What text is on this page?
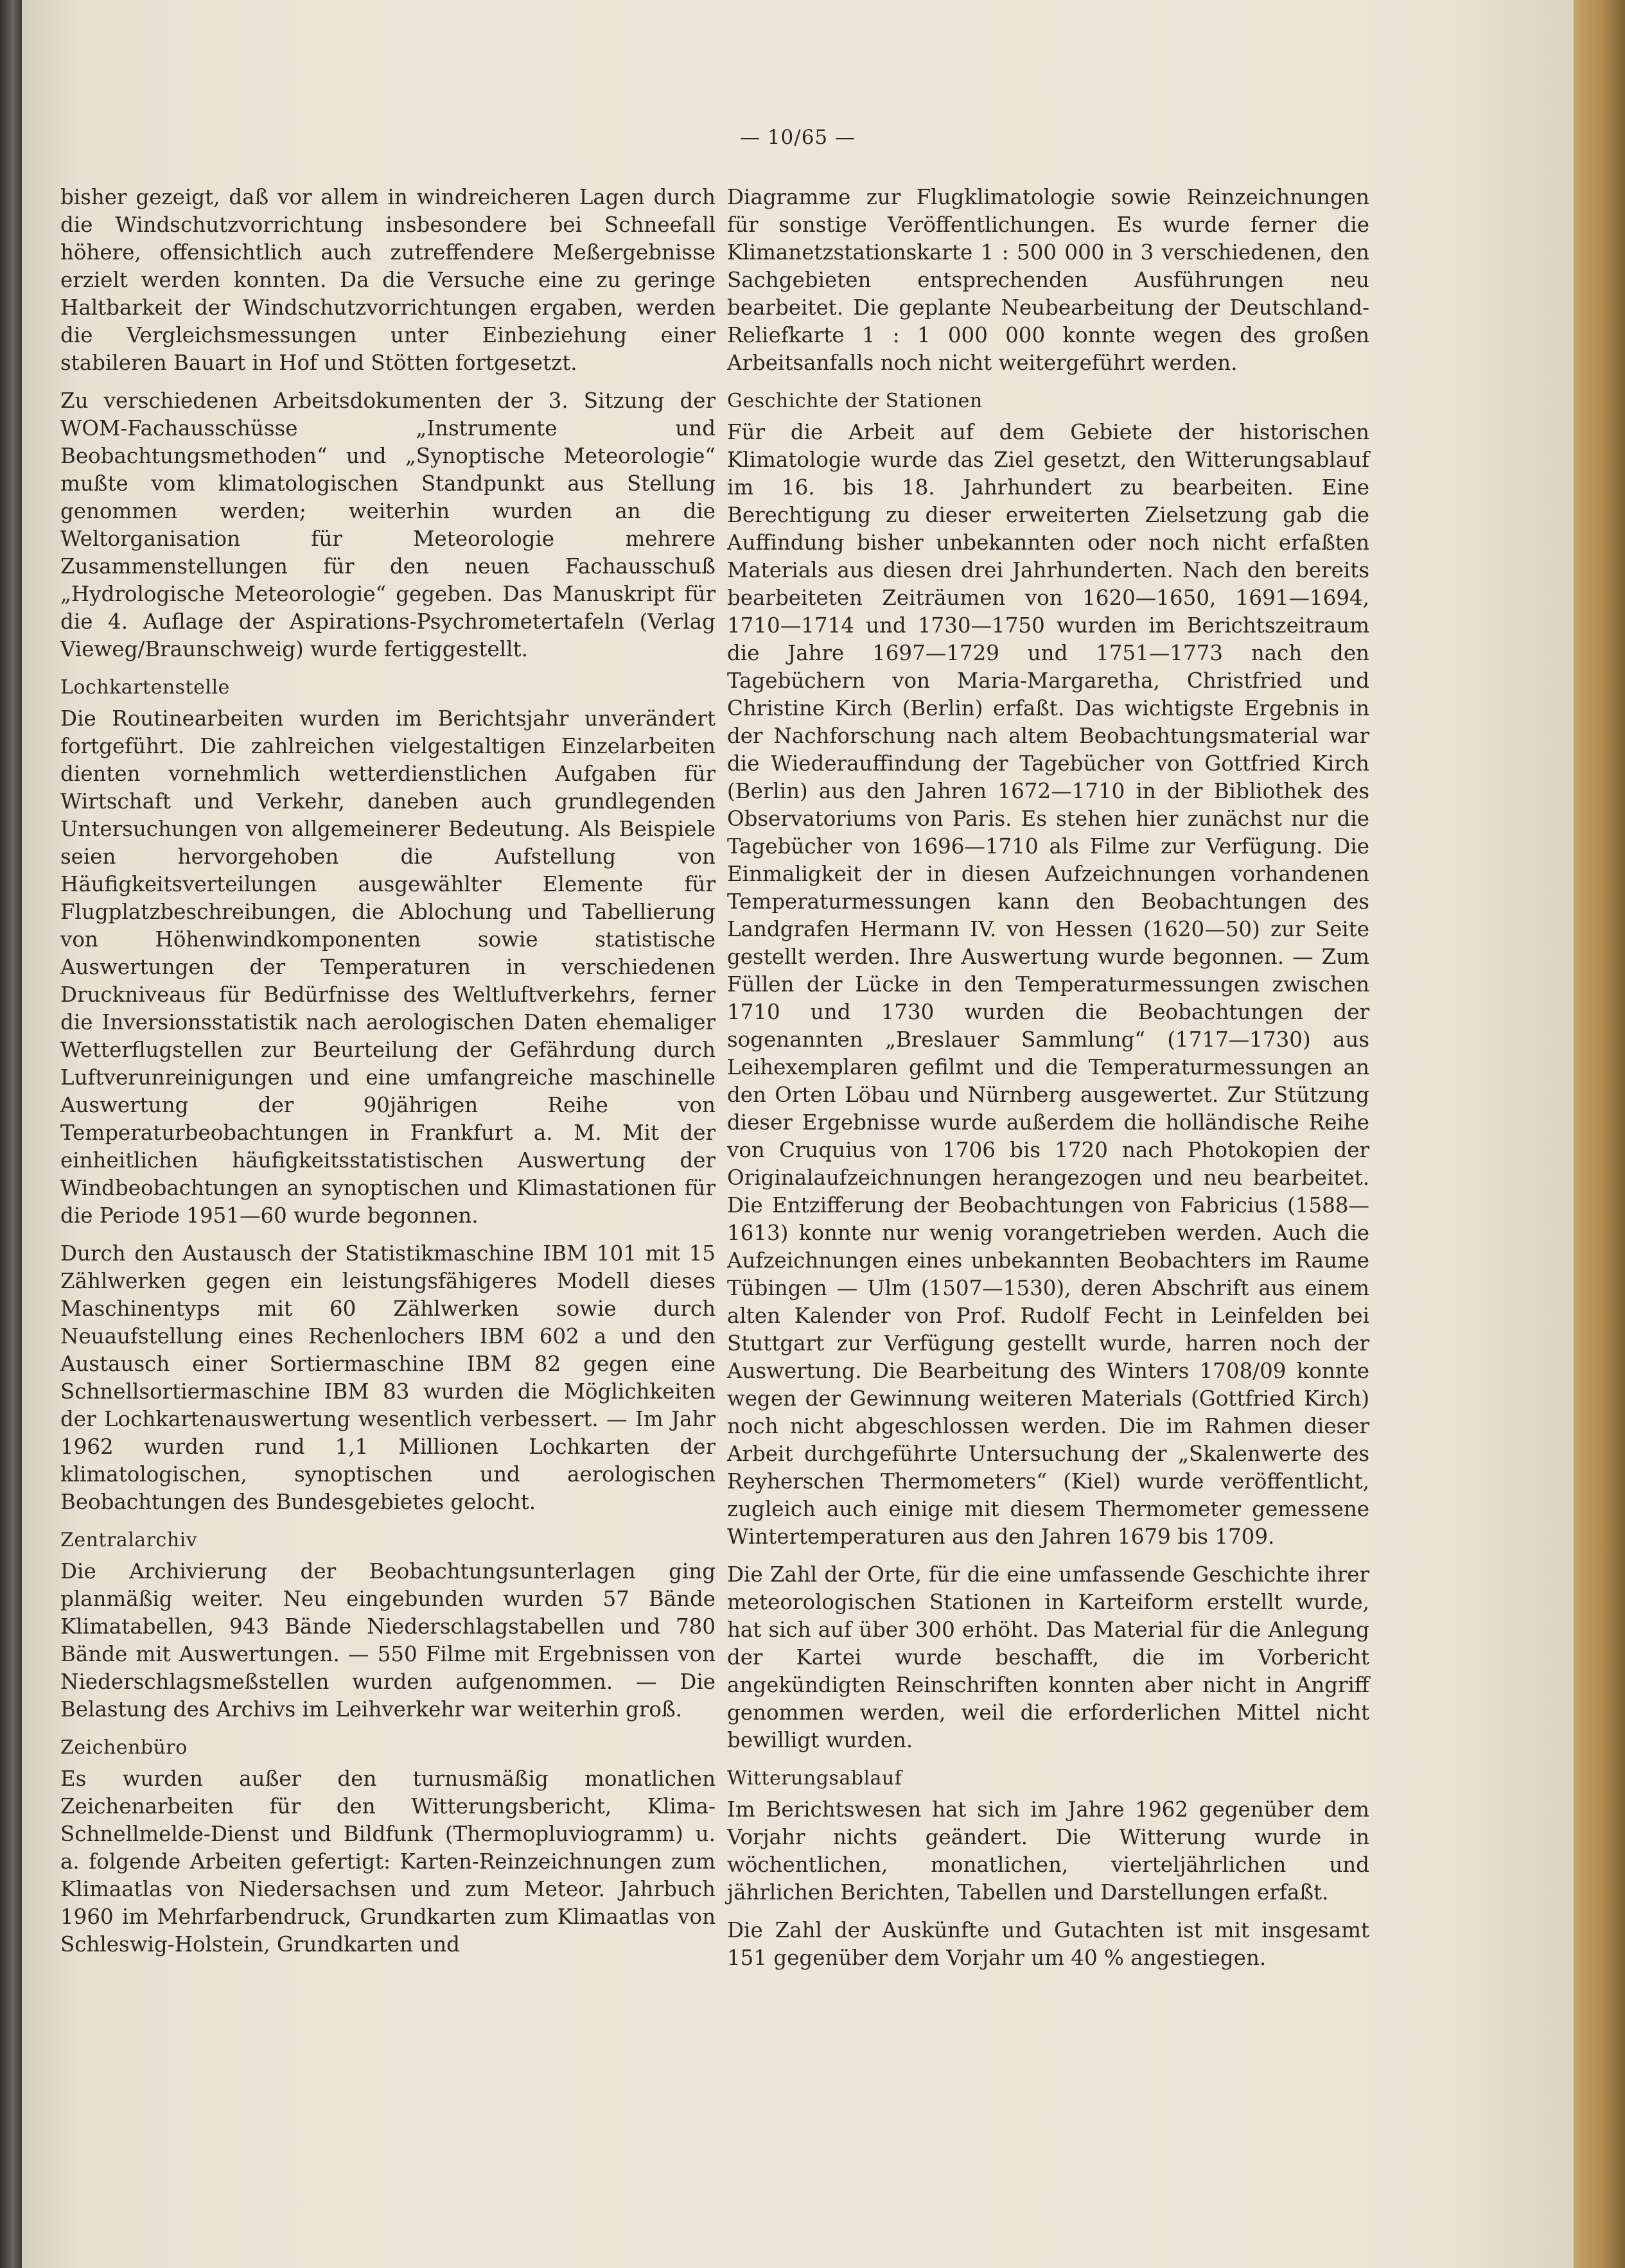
— 10/65 —

bisher gezeigt, daß vor allem in windreicheren Lagen durch die Windschutzvorrichtung insbesondere bei Schneefall höhere, offensichtlich auch zutreffendere Meßergebnisse erzielt werden konnten. Da die Versuche eine zu geringe Haltbarkeit der Windschutzvorrichtungen ergaben, werden die Vergleichsmessungen unter Einbeziehung einer stabileren Bauart in Hof und Stötten fortgesetzt.

Zu verschiedenen Arbeitsdokumenten der 3. Sitzung der WOM-Fachausschüsse „Instrumente und Beobachtungsmethoden“ und „Synoptische Meteorologie“ mußte vom klimatologischen Standpunkt aus Stellung genommen werden; weiterhin wurden an die Weltorganisation für Meteorologie mehrere Zusammenstellungen für den neuen Fachausschuß „Hydrologische Meteorologie“ gegeben. Das Manuskript für die 4. Auflage der Aspirations-Psychrometertafeln (Verlag Vieweg/Braunschweig) wurde fertiggestellt.

Lochkartenstelle

Die Routinearbeiten wurden im Berichtsjahr unverändert fortgeführt. Die zahlreichen vielgestaltigen Einzelarbeiten dienten vornehmlich wetterdienstlichen Aufgaben für Wirtschaft und Verkehr, daneben auch grundlegenden Untersuchungen von allgemeinerer Bedeutung. Als Beispiele seien hervorgehoben die Aufstellung von Häufigkeitsverteilungen ausgewählter Elemente für Flugplatzbeschreibungen, die Ablochung und Tabellierung von Höhenwindkomponenten sowie statistische Auswertungen der Temperaturen in verschiedenen Druckniveaus für Bedürfnisse des Weltluftverkehrs, ferner die Inversionsstatistik nach aerologischen Daten ehemaliger Wetterflugstellen zur Beurteilung der Gefährdung durch Luftverunreinigungen und eine umfangreiche maschinelle Auswertung der 90jährigen Reihe von Temperaturbeobachtungen in Frankfurt a. M. Mit der einheitlichen häufigkeitsstatistischen Auswertung der Windbeobachtungen an synoptischen und Klimastationen für die Periode 1951—60 wurde begonnen.

Durch den Austausch der Statistikmaschine IBM 101 mit 15 Zählwerken gegen ein leistungsfähigeres Modell dieses Maschinentyps mit 60 Zählwerken sowie durch Neuaufstellung eines Rechenlochers IBM 602 a und den Austausch einer Sortiermaschine IBM 82 gegen eine Schnellsortiermaschine IBM 83 wurden die Möglichkeiten der Lochkartenauswertung wesentlich verbessert. — Im Jahr 1962 wurden rund 1,1 Millionen Lochkarten der klimatologischen, synoptischen und aerologischen Beobachtungen des Bundesgebietes gelocht.

Zentralarchiv

Die Archivierung der Beobachtungsunterlagen ging planmäßig weiter. Neu eingebunden wurden 57 Bände Klimatabellen, 943 Bände Niederschlagstabellen und 780 Bände mit Auswertungen. — 550 Filme mit Ergebnissen von Niederschlagsmeßstellen wurden aufgenommen. — Die Belastung des Archivs im Leihverkehr war weiterhin groß.

Zeichenbüro

Es wurden außer den turnusmäßig monatlichen Zeichenarbeiten für den Witterungsbericht, Klima-Schnellmelde-Dienst und Bildfunk (Thermopluviogramm) u. a. folgende Arbeiten gefertigt: Karten-Reinzeichnungen zum Klimaatlas von Niedersachsen und zum Meteor. Jahrbuch 1960 im Mehrfarbendruck, Grundkarten zum Klimaatlas von Schleswig-Holstein, Grundkarten und

Diagramme zur Flugklimatologie sowie Reinzeichnungen für sonstige Veröffentlichungen. Es wurde ferner die Klimanetzstationskarte 1 : 500 000 in 3 verschiedenen, den Sachgebieten entsprechenden Ausführungen neu bearbeitet. Die geplante Neubearbeitung der Deutschland-Reliefkarte 1 : 1 000 000 konnte wegen des großen Arbeitsanfalls noch nicht weitergeführt werden.

Geschichte der Stationen

Für die Arbeit auf dem Gebiete der historischen Klimatologie wurde das Ziel gesetzt, den Witterungsablauf im 16. bis 18. Jahrhundert zu bearbeiten. Eine Berechtigung zu dieser erweiterten Zielsetzung gab die Auffindung bisher unbekannten oder noch nicht erfaßten Materials aus diesen drei Jahrhunderten. Nach den bereits bearbeiteten Zeiträumen von 1620—1650, 1691—1694, 1710—1714 und 1730—1750 wurden im Berichtszeitraum die Jahre 1697—1729 und 1751—1773 nach den Tagebüchern von Maria-Margaretha, Christfried und Christine Kirch (Berlin) erfaßt. Das wichtigste Ergebnis in der Nachforschung nach altem Beobachtungsmaterial war die Wiederauffindung der Tagebücher von Gottfried Kirch (Berlin) aus den Jahren 1672—1710 in der Bibliothek des Observatoriums von Paris. Es stehen hier zunächst nur die Tagebücher von 1696—1710 als Filme zur Verfügung. Die Einmaligkeit der in diesen Aufzeichnungen vorhandenen Temperaturmessungen kann den Beobachtungen des Landgrafen Hermann IV. von Hessen (1620—50) zur Seite gestellt werden. Ihre Auswertung wurde begonnen. — Zum Füllen der Lücke in den Temperaturmessungen zwischen 1710 und 1730 wurden die Beobachtungen der sogenannten „Breslauer Sammlung“ (1717—1730) aus Leihexemplaren gefilmt und die Temperaturmessungen an den Orten Löbau und Nürnberg ausgewertet. Zur Stützung dieser Ergebnisse wurde außerdem die holländische Reihe von Cruquius von 1706 bis 1720 nach Photokopien der Originalaufzeichnungen herangezogen und neu bearbeitet. Die Entzifferung der Beobachtungen von Fabricius (1588—1613) konnte nur wenig vorangetrieben werden. Auch die Aufzeichnungen eines unbekannten Beobachters im Raume Tübingen — Ulm (1507—1530), deren Abschrift aus einem alten Kalender von Prof. Rudolf Fecht in Leinfelden bei Stuttgart zur Verfügung gestellt wurde, harren noch der Auswertung. Die Bearbeitung des Winters 1708/09 konnte wegen der Gewinnung weiteren Materials (Gottfried Kirch) noch nicht abgeschlossen werden. Die im Rahmen dieser Arbeit durchgeführte Untersuchung der „Skalenwerte des Reyherschen Thermometers“ (Kiel) wurde veröffentlicht, zugleich auch einige mit diesem Thermometer gemessene Wintertemperaturen aus den Jahren 1679 bis 1709.

Die Zahl der Orte, für die eine umfassende Geschichte ihrer meteorologischen Stationen in Karteiform erstellt wurde, hat sich auf über 300 erhöht. Das Material für die Anlegung der Kartei wurde beschafft, die im Vorbericht angekündigten Reinschriften konnten aber nicht in Angriff genommen werden, weil die erforderlichen Mittel nicht bewilligt wurden.

Witterungsablauf

Im Berichtswesen hat sich im Jahre 1962 gegenüber dem Vorjahr nichts geändert. Die Witterung wurde in wöchentlichen, monatlichen, vierteljährlichen und jährlichen Berichten, Tabellen und Darstellungen erfaßt.

Die Zahl der Auskünfte und Gutachten ist mit insgesamt 151 gegenüber dem Vorjahr um 40 % angestiegen.
